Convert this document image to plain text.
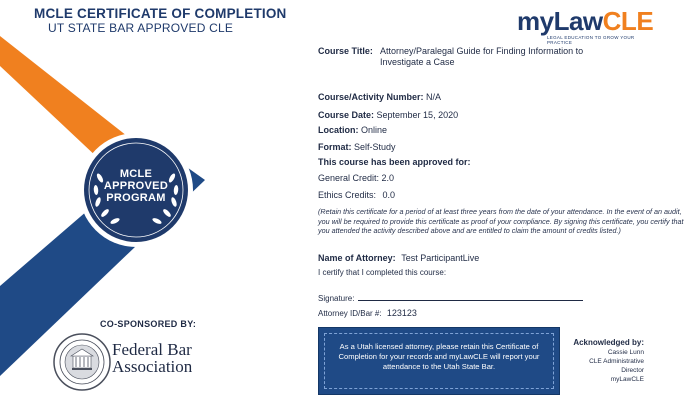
MCLE CERTIFICATE OF COMPLETION
UT STATE BAR APPROVED CLE
MCLE
APPROVED
PROGRAM
CO-SPONSORED BY:
Federal Bar
Association
myLawCLE
LEGAL EDUCATION TO GROW YOUR PRACTICE
Course Title: Attorney/Paralegal Guide for Finding Information to Investigate a Case
Course/Activity Number: N/A
Course Date: September 15, 2020
Location: Online
Format: Self-Study
This course has been approved for:
General Credit: 2.0
Ethics Credits: 0.0
(Retain this certificate for a period of at least three years from the date of your attendance. In the event of an audit, you will be required to provide this certificate as proof of your compliance. By signing this certificate, you certify that you attended the activity described above and are entitled to claim the amount of credits listed.)
Name of Attorney: Test ParticipantLive
I certify that I completed this course:
Signature:
Attorney ID/Bar #: 123123
As a Utah licensed attorney, please retain this Certificate of Completion for your records and myLawCLE will report your attendance to the Utah State Bar.
Acknowledged by:
Cassie Lunn
CLE Administrative Director
myLawCLE
